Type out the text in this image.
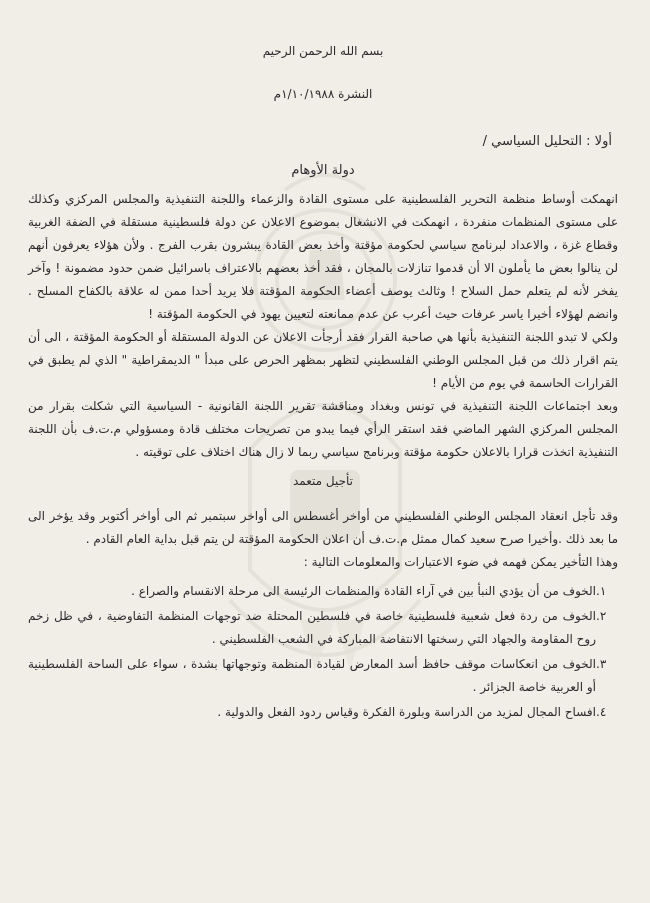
بسم الله الرحمن الرحيم
النشرة ١/١٠/١٩٨٨م
أولا : التحليل السياسي /
دولة الأوهام
انهمكت أوساط منظمة التحرير الفلسطينية على مستوى القادة والزعماء واللجنة التنفيذية والمجلس المركزي وكذلك على مستوى المنظمات منفردة ، انهمكت في الانشغال بموضوع الاعلان عن دولة فلسطينية مستقلة في الضفة الغربية وقطاع غزة ، والاعداد لبرنامج سياسي لحكومة مؤقتة وأخذ بعض القادة يبشرون بقرب الفرج . ولأن هؤلاء يعرفون أنهم لن ينالوا بعض ما يأملون الا أن قدموا تنازلات بالمجان ، فقد أخذ بعضهم بالاعتراف باسرائيل ضمن حدود مضمونة ! وآخر يفخر لأنه لم يتعلم حمل السلاح ! وثالث يوصف أعضاء الحكومة المؤقتة فلا يريد أحدا ممن له علاقة بالكفاح المسلح . وانضم لهؤلاء أخيرا ياسر عرفات حيث أعرب عن عدم ممانعته لتعيين يهود في الحكومة المؤقتة !
ولكي لا تبدو اللجنة التنفيذية بأنها هي صاحبة القرار فقد أرجأت الاعلان عن الدولة المستقلة أو الحكومة المؤقتة ، الى أن يتم اقرار ذلك من قبل المجلس الوطني الفلسطيني لتظهر بمظهر الحرص على مبدأ " الديمقراطية " الذي لم يطبق في القرارات الحاسمة في يوم من الأيام !
وبعد اجتماعات اللجنة التنفيذية في تونس وبغداد ومناقشة تقرير اللجنة القانونية - السياسية التي شكلت بقرار من المجلس المركزي الشهر الماضي فقد استقر الرأي فيما يبدو من تصريحات مختلف قادة ومسؤولي م.ت.ف بأن اللجنة التنفيذية اتخذت قرارا بالاعلان حكومة مؤقتة وبرنامج سياسي ربما لا زال هناك اختلاف على توقيته .
تأجيل متعمد
وقد تأجل انعقاد المجلس الوطني الفلسطيني من أواخر أغسطس الى أواخر سبتمبر ثم الى أواخر أكتوبر وقد يؤخر الى ما بعد ذلك .وأخيرا صرح سعيد كمال ممثل م.ت.ف أن اعلان الحكومة المؤقتة لن يتم قبل بداية العام القادم .
وهذا التأخير يمكن فهمه في ضوء الاعتبارات والمعلومات التالية :
.١
الخوف من أن يؤدي النبأ بين في آراء القادة والمنظمات الرئيسة الى مرحلة الانقسام والصراع .
.٢
الخوف من ردة فعل شعبية فلسطينية خاصة في فلسطين المحتلة ضد توجهات المنظمة التفاوضية ، في ظل زخم روح المقاومة والجهاد التي رسختها الانتفاضة المباركة في الشعب الفلسطيني .
.٣
الخوف من انعكاسات موقف حافظ أسد المعارض لقيادة المنظمة وتوجهاتها بشدة ، سواء على الساحة الفلسطينية أو العربية خاصة الجزائر .
.٤
افساح المجال لمزيد من الدراسة وبلورة الفكرة وقياس ردود الفعل والدولية .
